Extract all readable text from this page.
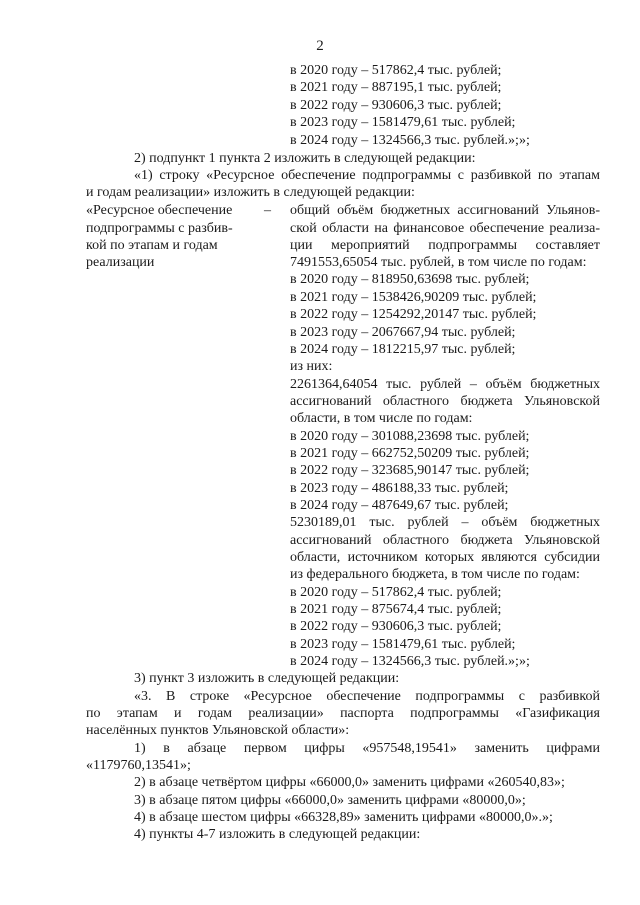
2
в 2020 году – 517862,4 тыс. рублей;
в 2021 году – 887195,1 тыс. рублей;
в 2022 году – 930606,3 тыс. рублей;
в 2023 году – 1581479,61 тыс. рублей;
в 2024 году – 1324566,3 тыс. рублей.»;»;
2) подпункт 1 пункта 2 изложить в следующей редакции:
«1) строку «Ресурсное обеспечение подпрограммы с разбивкой по этапам
и годам реализации» изложить в следующей редакции:
«Ресурсное обеспечение
подпрограммы с разбив-
кой по этапам и годам
реализации
– общий объём бюджетных ассигнований Ульянов-
ской области на финансовое обеспечение реализа-
ции мероприятий подпрограммы составляет
7491553,65054 тыс. рублей, в том числе по годам:
в 2020 году – 818950,63698 тыс. рублей;
в 2021 году – 1538426,90209 тыс. рублей;
в 2022 году – 1254292,20147 тыс. рублей;
в 2023 году – 2067667,94 тыс. рублей;
в 2024 году – 1812215,97 тыс. рублей;
из них:
2261364,64054 тыс. рублей – объём бюджетных
ассигнований областного бюджета Ульяновской
области, в том числе по годам:
в 2020 году – 301088,23698 тыс. рублей;
в 2021 году – 662752,50209 тыс. рублей;
в 2022 году – 323685,90147 тыс. рублей;
в 2023 году – 486188,33 тыс. рублей;
в 2024 году – 487649,67 тыс. рублей;
5230189,01 тыс. рублей – объём бюджетных
ассигнований областного бюджета Ульяновской
области, источником которых являются субсидии
из федерального бюджета, в том числе по годам:
в 2020 году – 517862,4 тыс. рублей;
в 2021 году – 875674,4 тыс. рублей;
в 2022 году – 930606,3 тыс. рублей;
в 2023 году – 1581479,61 тыс. рублей;
в 2024 году – 1324566,3 тыс. рублей.»;»;
3) пункт 3 изложить в следующей редакции:
«3. В строке «Ресурсное обеспечение подпрограммы с разбивкой
по этапам и годам реализации» паспорта подпрограммы «Газификация
населённых пунктов Ульяновской области»:
1) в абзаце первом цифры «957548,19541» заменить цифрами
«1179760,13541»;
2) в абзаце четвёртом цифры «66000,0» заменить цифрами «260540,83»;
3) в абзаце пятом цифры «66000,0» заменить цифрами «80000,0»;
4) в абзаце шестом цифры «66328,89» заменить цифрами «80000,0».»;
4) пункты 4-7 изложить в следующей редакции:
